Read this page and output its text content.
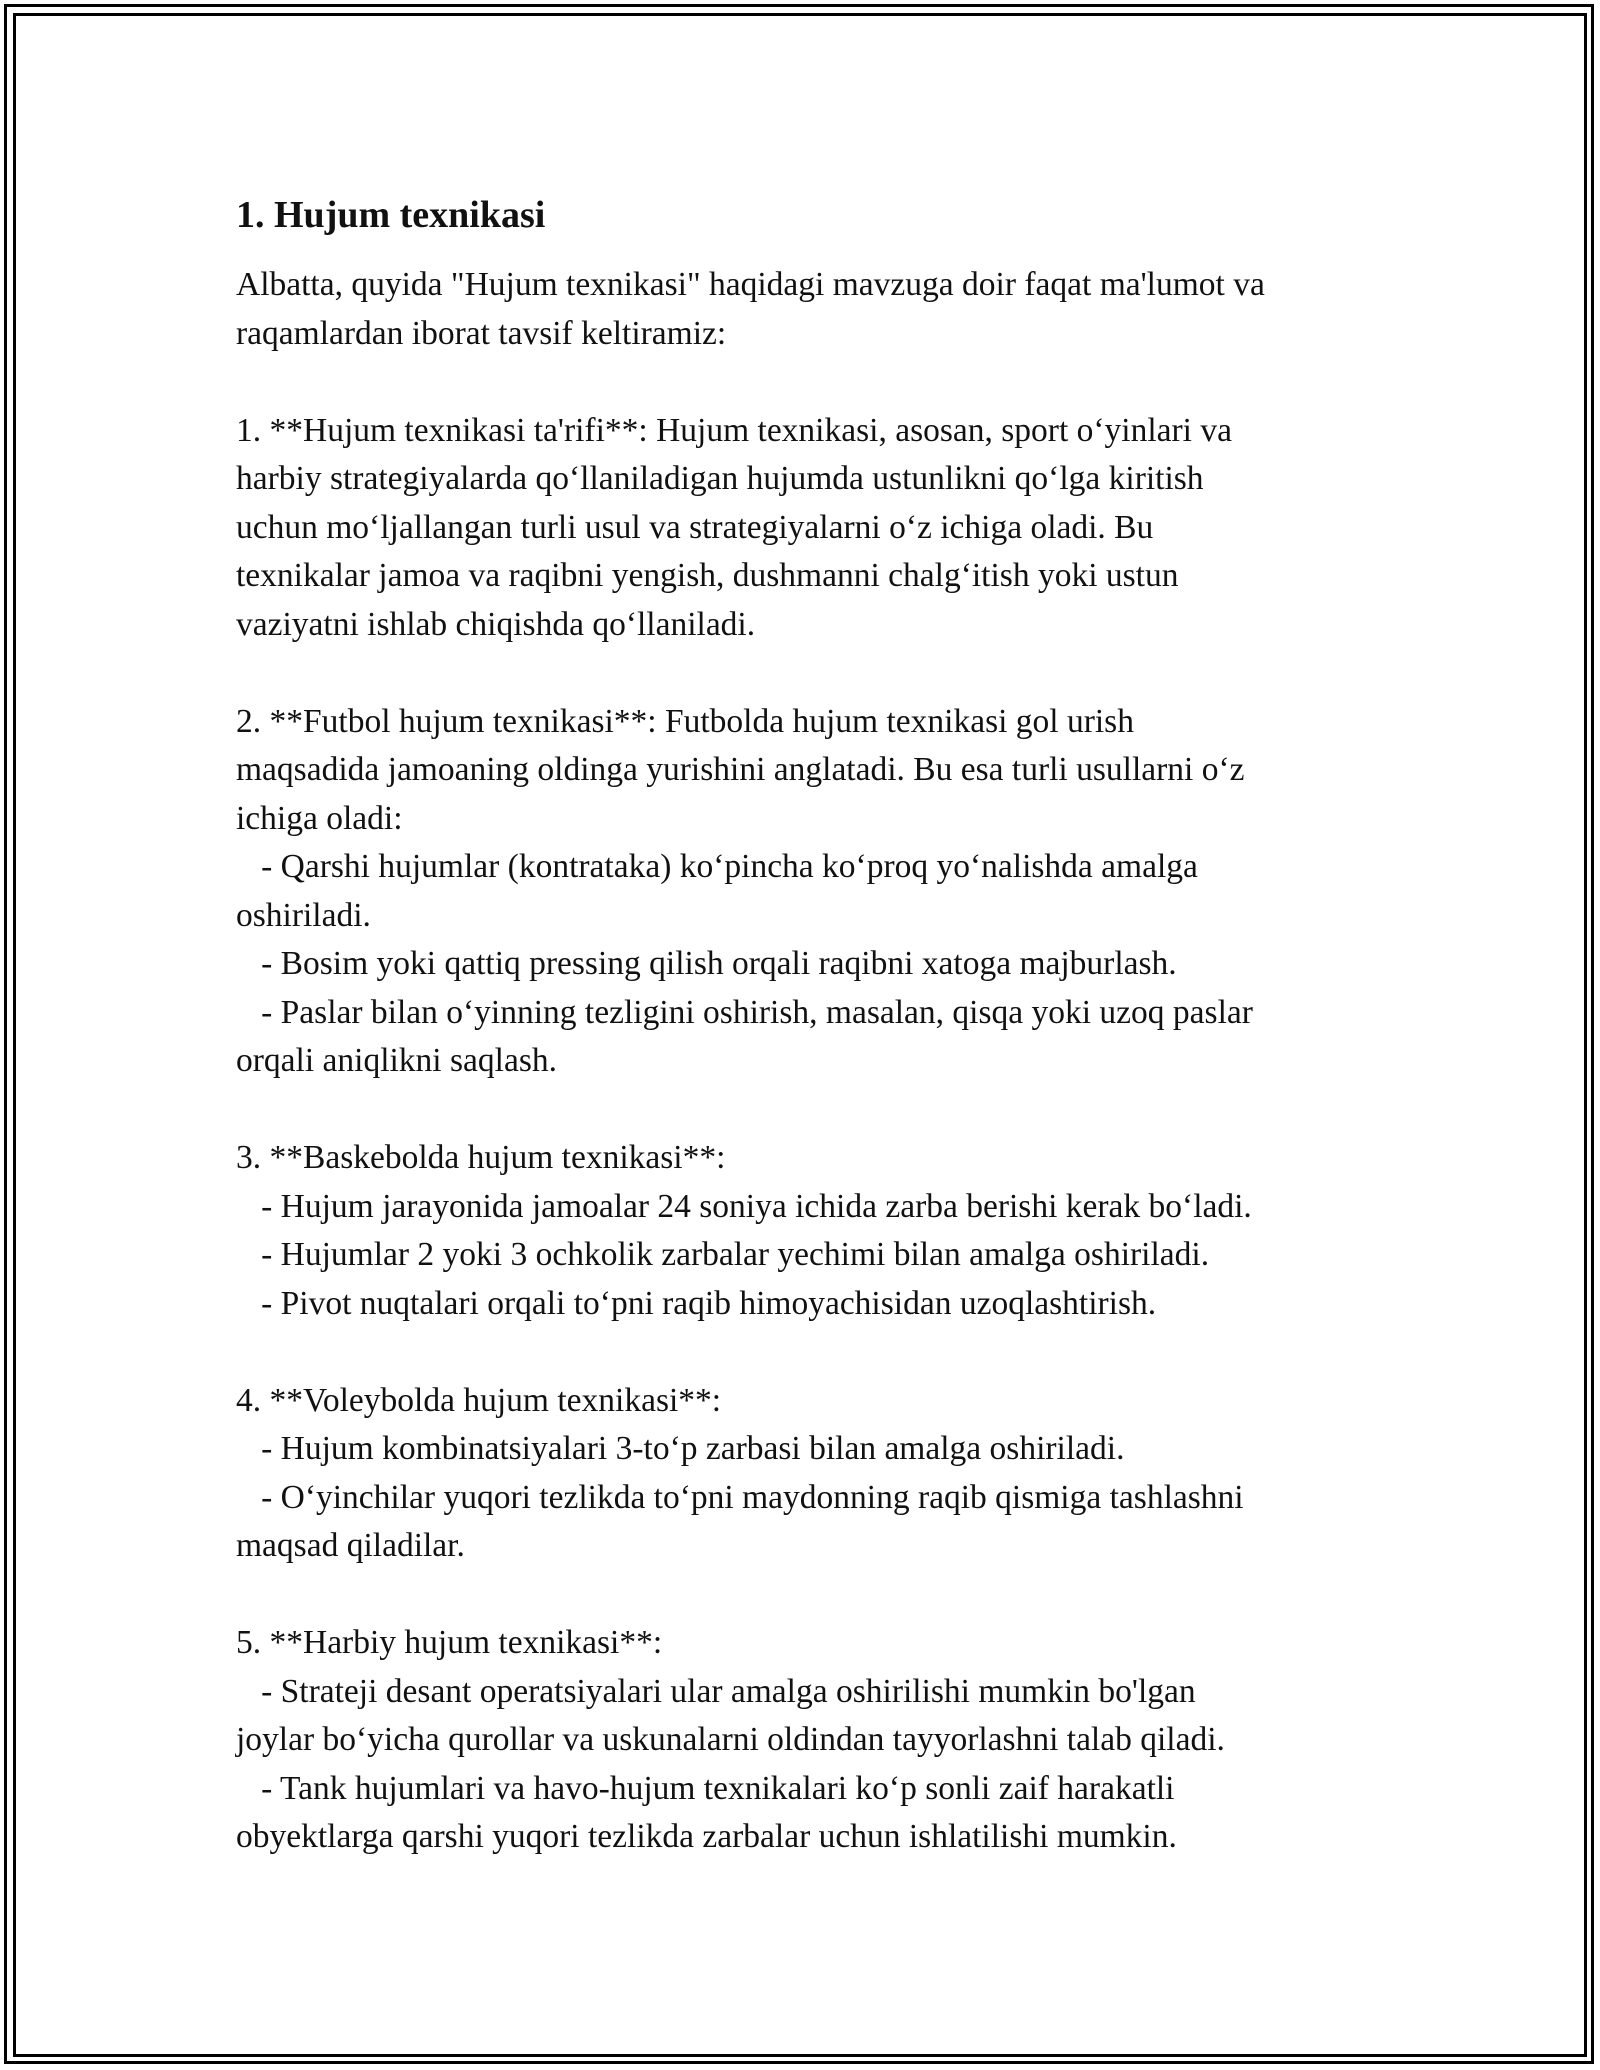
1. Hujum texnikasi

Albatta, quyida "Hujum texnikasi" haqidagi mavzuga doir faqat ma'lumot va
raqamlardan iborat tavsif keltiramiz:

1. **Hujum texnikasi ta'rifi**: Hujum texnikasi, asosan, sport o‘yinlari va
harbiy strategiyalarda qo‘llaniladigan hujumda ustunlikni qo‘lga kiritish
uchun mo‘ljallangan turli usul va strategiyalarni o‘z ichiga oladi. Bu
texnikalar jamoa va raqibni yengish, dushmanni chalg‘itish yoki ustun
vaziyatni ishlab chiqishda qo‘llaniladi.
2. **Futbol hujum texnikasi**: Futbolda hujum texnikasi gol urish
maqsadida jamoaning oldinga yurishini anglatadi. Bu esa turli usullarni o‘z
ichiga oladi:
- Qarshi hujumlar (kontrataka) ko‘pincha ko‘proq yo‘nalishda amalga
oshiriladi.
- Bosim yoki qattiq pressing qilish orqali raqibni xatoga majburlash.
- Paslar bilan o‘yinning tezligini oshirish, masalan, qisqa yoki uzoq paslar
orqali aniqlikni saqlash.
3. **Baskebolda hujum texnikasi**:
- Hujum jarayonida jamoalar 24 soniya ichida zarba berishi kerak bo‘ladi.
- Hujumlar 2 yoki 3 ochkolik zarbalar yechimi bilan amalga oshiriladi.
- Pivot nuqtalari orqali to‘pni raqib himoyachisidan uzoqlashtirish.
4. **Voleybolda hujum texnikasi**:
- Hujum kombinatsiyalari 3-to‘p zarbasi bilan amalga oshiriladi.
- O‘yinchilar yuqori tezlikda to‘pni maydonning raqib qismiga tashlashni
maqsad qiladilar.
5. **Harbiy hujum texnikasi**:
- Strateji desant operatsiyalari ular amalga oshirilishi mumkin bo'lgan
joylar bo‘yicha qurollar va uskunalarni oldindan tayyorlashni talab qiladi.
- Tank hujumlari va havo-hujum texnikalari ko‘p sonli zaif harakatli
obyektlarga qarshi yuqori tezlikda zarbalar uchun ishlatilishi mumkin.
